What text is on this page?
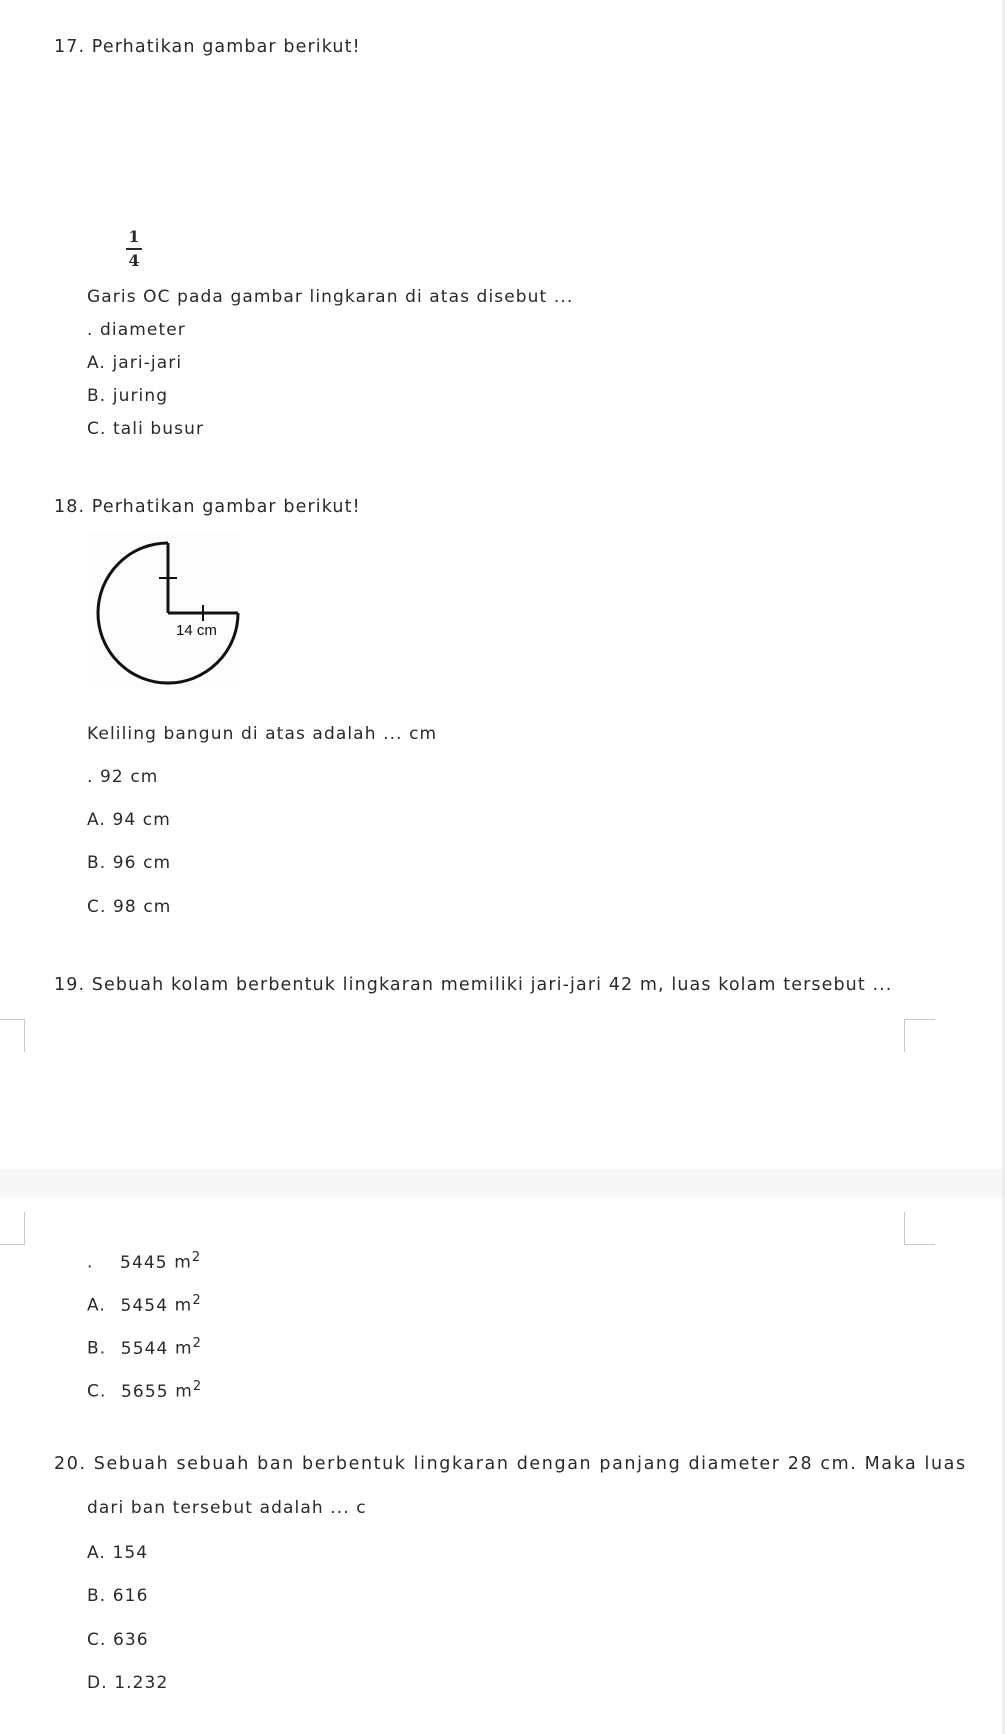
17. Perhatikan gambar berikut!
1
4
Garis OC pada gambar lingkaran di atas disebut ...
. diameter
A. jari-jari
B. juring
C. tali busur
18. Perhatikan gambar berikut!
14 cm
Keliling bangun di atas adalah ... cm
. 92 cm
A. 94 cm
B. 96 cm
C. 98 cm
19. Sebuah kolam berbentuk lingkaran memiliki jari-jari 42 m, luas kolam tersebut ...
. 5445 $m^2$
A. 5454 $m^2$
B. 5544 $m^2$
C. 5655 $m^2$
20. Sebuah sebuah ban berbentuk lingkaran dengan panjang diameter 28 cm. Maka luas
dari ban tersebut adalah ... c
A. 154
B. 616
C. 636
D. 1.232
